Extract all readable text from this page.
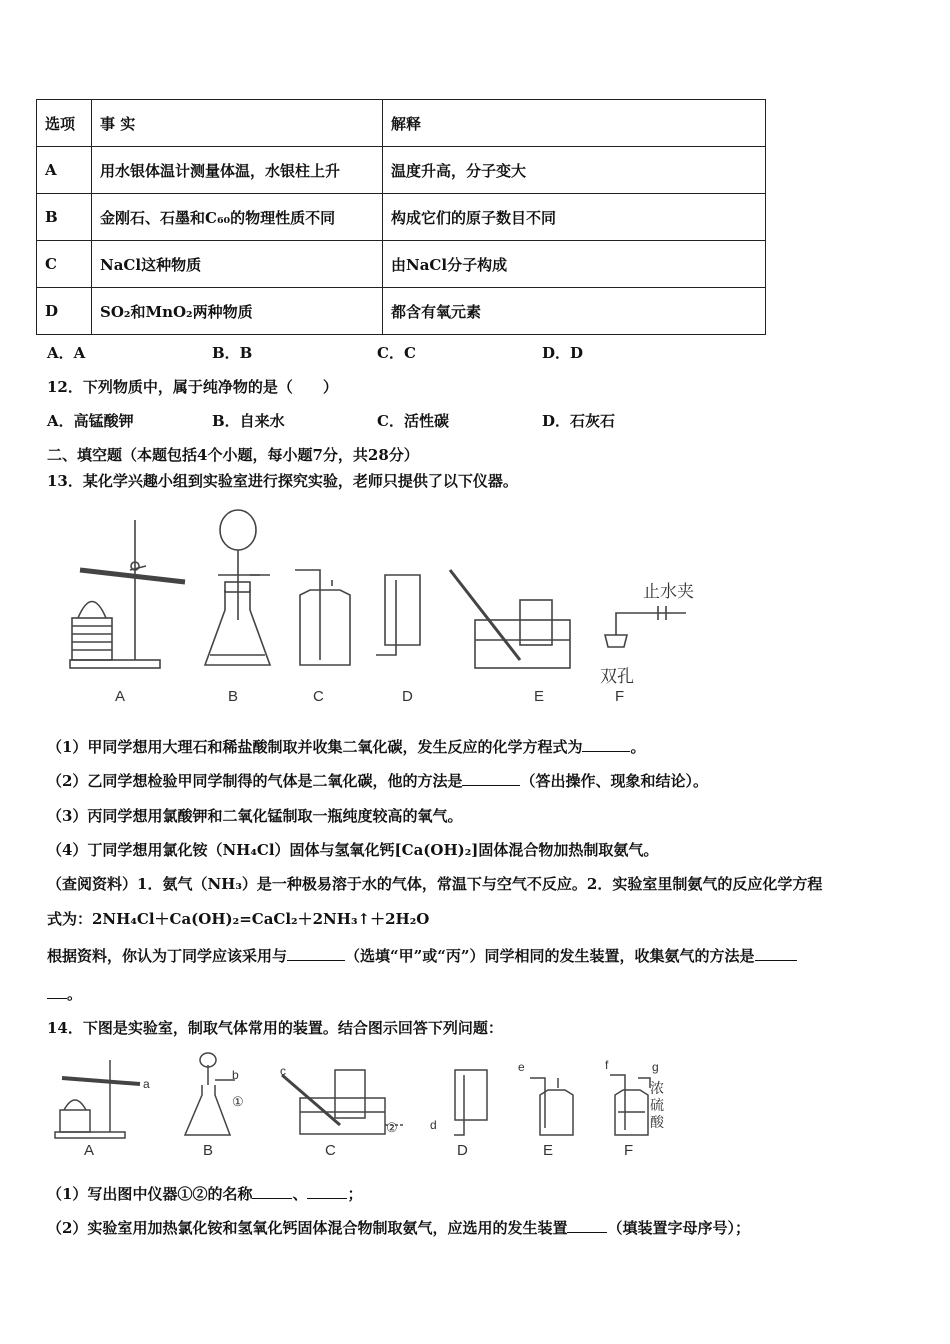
选项	事 实	解释
A	用水银体温计测量体温，水银柱上升	温度升高，分子变大
B	金刚石、石墨和C₆₀的物理性质不同	构成它们的原子数目不同
C	NaCl这种物质	由NaCl分子构成
D	SO₂和MnO₂两种物质	都含有氧元素
A．A	B．B	C．C	D．D
12．下列物质中，属于纯净物的是（　　）
A．高锰酸钾	B．自来水	C．活性碳	D．石灰石
二、填空题（本题包括4个小题，每小题7分，共28分）
13．某化学兴趣小组到实验室进行探究实验，老师只提供了以下仪器。
A	B	C	D	E	F
止水夹
双孔
（1）甲同学想用大理石和稀盐酸制取并收集二氧化碳，发生反应的化学方程式为	。
（2）乙同学想检验甲同学制得的气体是二氧化碳，他的方法是	（答出操作、现象和结论）。
（3）丙同学想用氯酸钾和二氧化锰制取一瓶纯度较高的氧气。
（4）丁同学想用氯化铵（NH₄Cl）固体与氢氧化钙[Ca(OH)₂]固体混合物加热制取氨气。
（查阅资料）1．氨气（NH₃）是一种极易溶于水的气体，常温下与空气不反应。2．实验室里制氨气的反应化学方程
式为：2NH₄Cl＋Ca(OH)₂=CaCl₂＋2NH₃↑＋2H₂O
根据资料，你认为丁同学应该采用与	（选填“甲”或“丙”）同学相同的发生装置，收集氨气的方法是
。
14．下图是实验室，制取气体常用的装置。结合图示回答下列问题：
A	B	C	D	E	F
a
b	c
d
e	f	g
①
②
浓
硫
酸
（1）写出图中仪器①②的名称	、	；
（2）实验室用加热氯化铵和氢氧化钙固体混合物制取氨气，应选用的发生装置	（填装置字母序号）；
